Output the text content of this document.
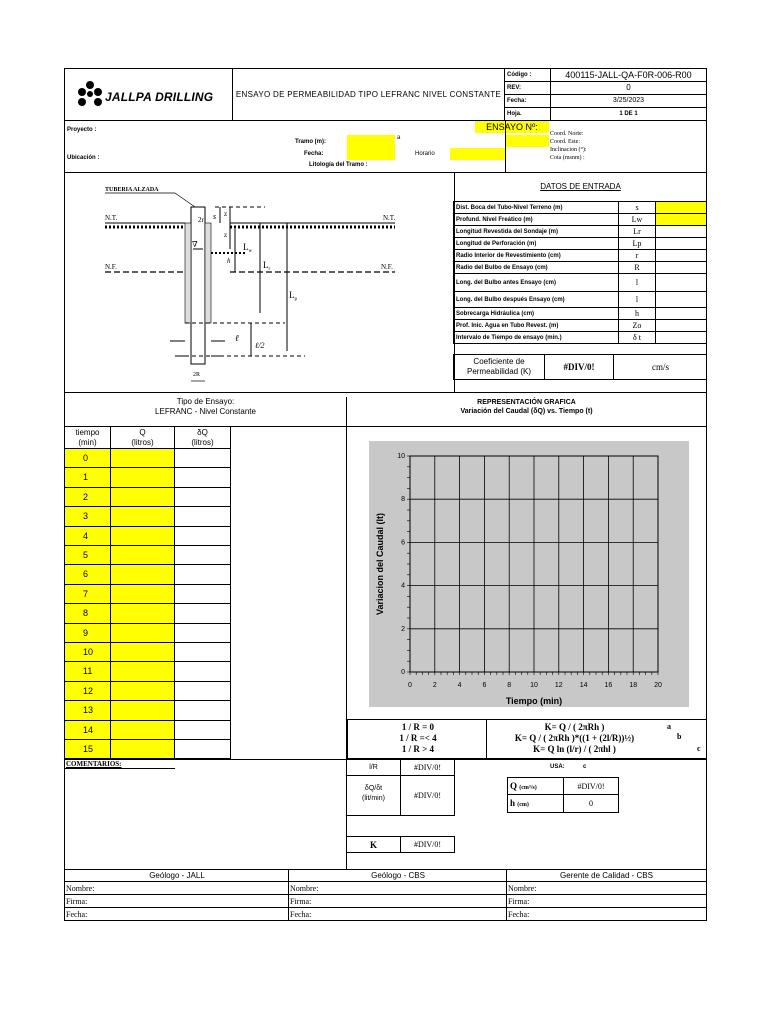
JALLPA DRILLING	ENSAYO DE PERMEABILIDAD TIPO LEFRANC NIVEL CONSTANTE
Código :	400115-JALL-QA-F0R-006-R00
REV:	0
Fecha:	3/25/2023
Hoja.	1 DE 1
Proyecto :
Ubicación :
Tramo (m):
a
Fecha:	Horario
Litología del Tramo :
ENSAYO Nº:
Coord. Norte:
Coord. Este:
Inclinacion (°):
Cota (msnm) :
∇
2r s z
z
h
$L_w$
$L_r$
$L_p$
ℓ
ℓ/2
2R
TUBERIA ALZADA
N.T.	N.T.
N.F.	N.F.
DATOS DE ENTRADA
Dist. Boca del Tubo-Nivel Terreno (m)	s	
Profund. Nivel Freático (m)	Lw	
Longitud Revestida del Sondaje (m)	Lr	
Longitud de Perforación (m)	Lp	
Radio Interior de Revestimiento (cm)	r	
Radio del Bulbo de Ensayo (cm)	R	
Long. del Bulbo antes Ensayo (cm)	l	
Long. del Bulbo después Ensayo (cm)	l	
Sobrecarga Hidráulica (cm)	h	
Prof. Inic. Agua en Tubo Revest. (m)	Zo	
Intervalo de Tiempo de ensayo (min.)	δ t	
Coeficiente de
Permeabilidad (K)	#DIV/0!	cm/s
Tipo de Ensayo:
LEFRANC - Nivel Constante
REPRESENTACIÓN GRAFICA
Variación del Caudal (δQ) vs. Tiempo (t)
tiempo
(min)
Q
(litros)
δQ
(litros)
0
1
2
3
4
5
6
7
8
9
10
11
12
13
14
15
0	2	4	6	8	10 12 14 16 18 20
0
2
4
6
8
10
Tiempo (min)
Variacion del Caudal (lt)
1 / R = 0
1 / R =< 4
1 / R > 4
K= Q / ( 2πRh )
K= Q / ( 2πRh )*((1 + (2l/R))½)
K= Q ln (l/r) / ( 2πhl )
a
b
c
COMENTARIOS:	l/R	#DIV/0!	USA:	c
δQ/δt
(lit/min)	#DIV/0!
Q (cm³/s)	#DIV/0!
h (cm)	0
K	#DIV/0!
Geólogo - JALL
Nombre:
Firma:
Fecha:
Geólogo - CBS
Nombre:
Firma:
Fecha:
Gerente de Calidad - CBS
Nombre:
Firma:
Fecha:
